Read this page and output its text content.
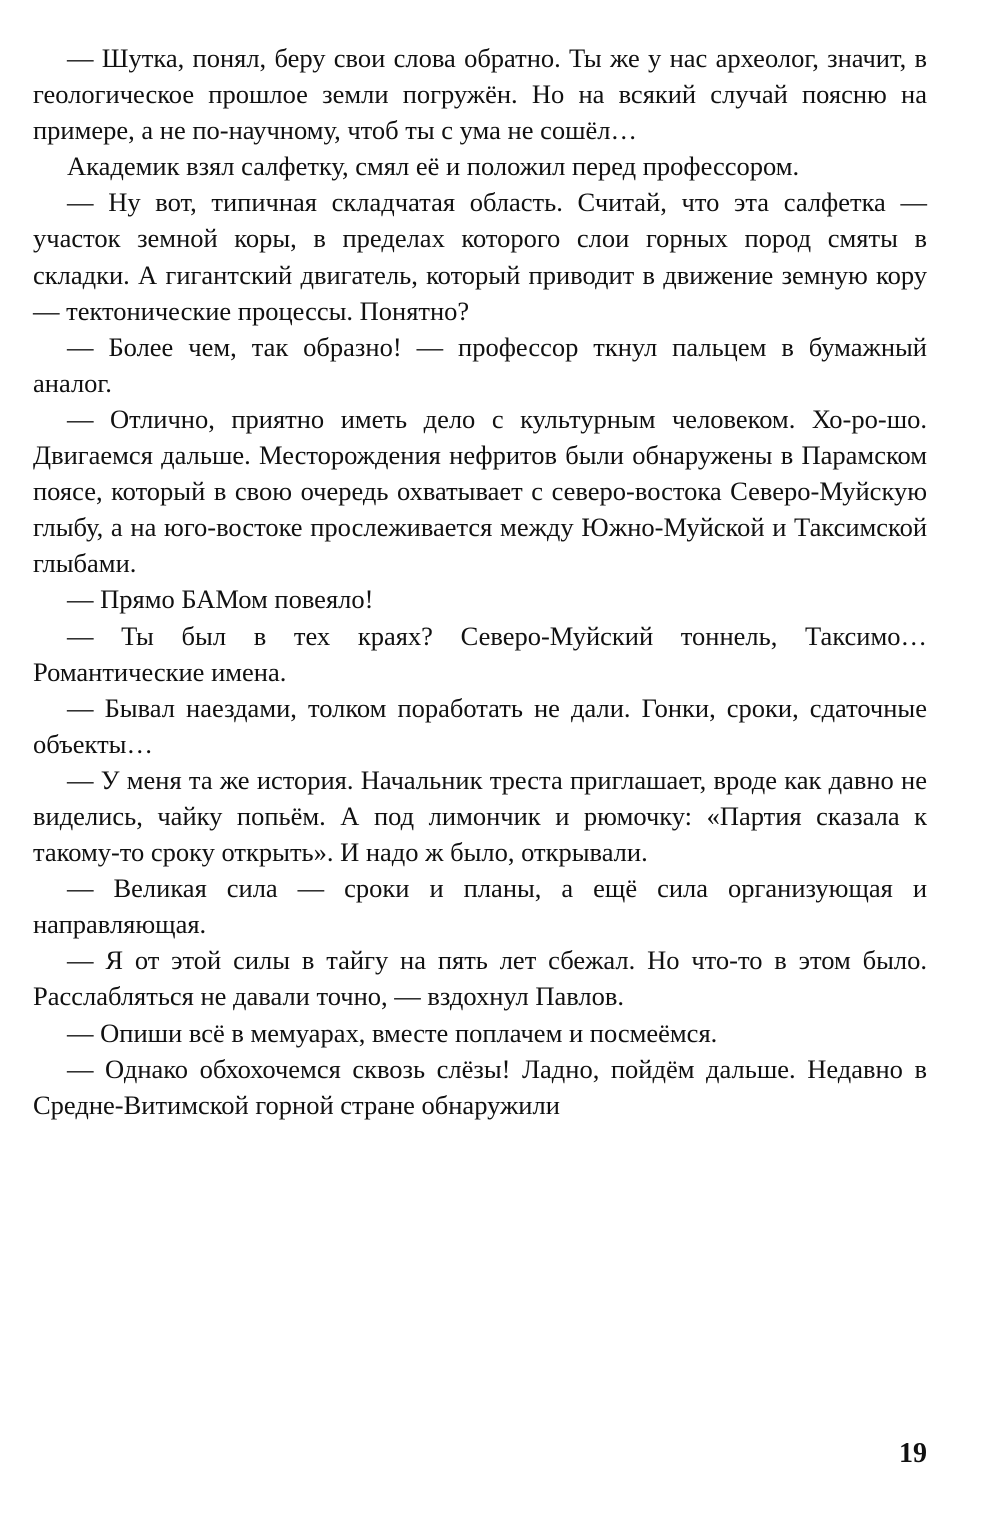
— Шутка, понял, беру свои слова обратно. Ты же у нас археолог, значит, в геологическое прошлое земли погружён. Но на всякий случай поясню на примере, а не по-научному, чтоб ты с ума не сошёл…

Академик взял салфетку, смял её и положил перед профессором.

— Ну вот, типичная складчатая область. Считай, что эта салфетка — участок земной коры, в пределах которого слои горных пород смяты в складки. А гигантский двигатель, который приводит в движение земную кору — тектонические процессы. Понятно?

— Более чем, так образно! — профессор ткнул пальцем в бумажный аналог.

— Отлично, приятно иметь дело с культурным человеком. Хо-ро-шо. Двигаемся дальше. Месторождения нефритов были обнаружены в Парамском поясе, который в свою очередь охватывает с северо-востока Северо-Муйскую глыбу, а на юго-востоке прослеживается между Южно-Муйской и Таксимской глыбами.

— Прямо БАМом повеяло!

— Ты был в тех краях? Северо-Муйский тоннель, Таксимо… Романтические имена.

— Бывал наездами, толком поработать не дали. Гонки, сроки, сдаточные объекты…

— У меня та же история. Начальник треста приглашает, вроде как давно не виделись, чайку попьём. А под лимончик и рюмочку: «Партия сказала к такому-то сроку открыть». И надо ж было, открывали.

— Великая сила — сроки и планы, а ещё сила организующая и направляющая.

— Я от этой силы в тайгу на пять лет сбежал. Но что-то в этом было. Расслабляться не давали точно, — вздохнул Павлов.

— Опиши всё в мемуарах, вместе поплачем и посмеёмся.

— Однако обхохочемся сквозь слёзы! Ладно, пойдём дальше. Недавно в Средне-Витимской горной стране обнаружили

19
